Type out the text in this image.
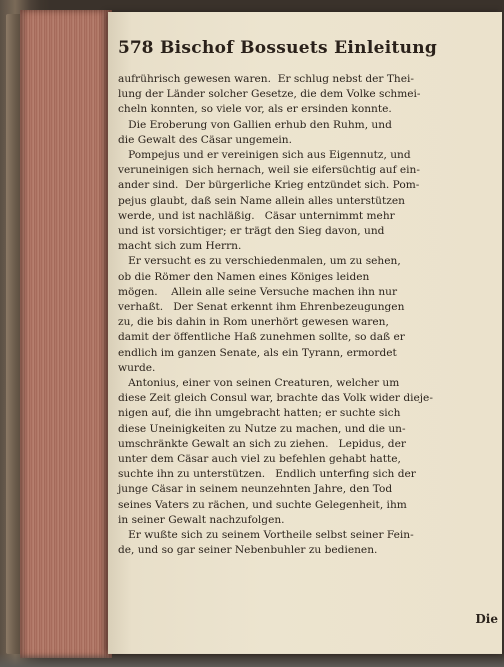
578 Bischof Bossuets Einleitung
aufrührisch gewesen waren.  Er schlug nebst der Thei-
lung der Länder solcher Gesetze, die dem Volke schmei-
cheln konnten, so viele vor, als er ersinden konnte.
Die Eroberung von Gallien erhub den Ruhm, und
die Gewalt des Cäsar ungemein.
Pompejus und er vereinigen sich aus Eigennutz, und
veruneinigen sich hernach, weil sie eifersüchtig auf ein-
ander sind.  Der bürgerliche Krieg entzündet sich. Pom-
pejus glaubt, daß sein Name allein alles unterstützen
werde, und ist nachläßig.   Cäsar unternimmt mehr
und ist vorsichtiger; er trägt den Sieg davon, und
macht sich zum Herrn.
Er versucht es zu verschiedenmalen, um zu sehen,
ob die Römer den Namen eines Königes leiden
mögen.    Allein alle seine Versuche machen ihn nur
verhaßt.   Der Senat erkennt ihm Ehrenbezeugungen
zu, die bis dahin in Rom unerhört gewesen waren,
damit der öffentliche Haß zunehmen sollte, so daß er
endlich im ganzen Senate, als ein Tyrann, ermordet
wurde.
Antonius, einer von seinen Creaturen, welcher um
diese Zeit gleich Consul war, brachte das Volk wider dieje-
nigen auf, die ihn umgebracht hatten; er suchte sich
diese Uneinigkeiten zu Nutze zu machen, und die un-
umschränkte Gewalt an sich zu ziehen.   Lepidus, der
unter dem Cäsar auch viel zu befehlen gehabt hatte,
suchte ihn zu unterstützen.   Endlich unterfing sich der
junge Cäsar in seinem neunzehnten Jahre, den Tod
seines Vaters zu rächen, und suchte Gelegenheit, ihm
in seiner Gewalt nachzufolgen.
Er wußte sich zu seinem Vortheile selbst seiner Fein-
de, und so gar seiner Nebenbuhler zu bedienen.
Die
